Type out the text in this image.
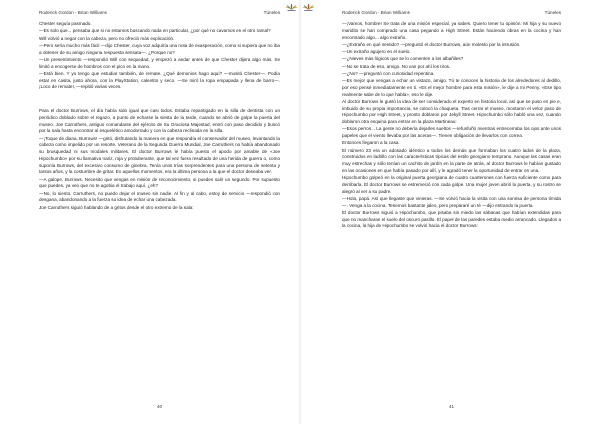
Roderick Gordon - Brian Williams	Túneles

Chester seguía pasmado.

—Es solo que... pensaba que si no estamos buscando nada en particular, ¿por qué no cavamos en el otro ramal?

Will volvió a negar con la cabeza, pero no ofreció más explicación.

—Pero sería mucho más fácil —dijo Chester, cuya voz adquiría una nota de exasperación, como si supiera que no iba a obtener de su amigo ninguna respuesta sensata—. ¿Porque no?

—Un presentimiento —respondió Will con sequedad, y empezó a andar antes de que Chester dijera algo más. Se limitó a encogerse de hombros con el pico en la mano.

—Está bien. Y yo tengo que estudiar también, de remate. ¿Qué demonios hago aquí? —musitó Chester—. Podía estar en casita, justo ahora, con la PlayStation, calentito y seco. —Se miró la ropa empapada y llena de barro—. ¡Loco de remate!, —repitió varias veces.

Para el doctor Burrows, el día había sido igual que casi todos. Estaba repantigado en la silla de dentista con un periódico doblado sobre el regazo, a punto de echarse la siesta de la tarde, cuando se abrió de golpe la puerta del museo. Joe Carruthers, antiguo comandante del ejército de Su Graciosa Majestad, entró con paso decidido y buscó por la sala hasta encontrar al esquelético amodorrado y con la cabeza reclinada en la silla.

—¡Toque de diana, Burrows! —gritó, disfrutando la manera en que respondía el conservador del museo, levantando la cabeza como impelido por un resorte. Veterano de la Segunda Guerra Mundial, Joe Carruthers no había abandonado su brusquedad ni sus modales militares. El doctor Burrows le había puesto el apodo por amable de «Joe Hipochumbo» por su llamativa nariz, roja y protuberante, que tal vez fuera resultado de una herida de guerra o, como suponía Burrows, del excesivo consumo de ginebra. Tenía unos trías sorprendentes para una persona de setenta y tantos años, y la costumbre de gritar. En aquellos momentos, era la última persona a la que el doctor deseaba ver.

—A galope, Burrows. Necesito que vengas en misión de reconocimiento, si puedes salir un segundo. Por supuesto que puedes, ya veo que no te agobia el trabajo aquí, ¿eh?

—No, lo siento, Carruthers, no puedo dejar el museo sin nadie. Al fin y al cabo, estoy de servicio —respondió con desgana, abandonando a la fuerza su idea de echar una cabezada.

Joe Carruthers siguió hablando de a gritos desde el otro extremo de la sala:

40
Roderick Gordon - Brian Williams	Túneles

—¡Vamos, hombre! Se trata de una misión especial, ya sabes. Quiero tener tu opinión. Mi hija y su nuevo maridito se han comprado una casa pegando a High Street. Están haciendo obras en la cocina y han encontrado algo... algo extraño.

—¿Extraño en qué sentido? —preguntó el doctor Burrows, aún molesto por la intrusión.

—Un extraño agujero en el suelo.

—¿Nieves más lógicos que se lo comenten a los albañiles?

—No se trata de eso, amigo. No van por ahí los tiros.

—¿No? —preguntó con curiosidad repentina.

—Es mejor que vengas a echar un vistazo, amigo. Tú te conoces la historia de los alrededores al dedillo, por eso pensé inmediatamente en ti. «Es el mejor hombre para esta misión», le dije a mi Penny. «Ese tipo realmente sabe de lo que habla», eso le dije.

Al doctor Burrows le gustó la idea de ser considerado el experto en historia local, así que se puso en pie e, imbuido de su propia importancia, se colocó la chaqueta. Tras cerrar el museo, montaron el veloz paso de Hipochumbo por High Street, y pronto doblaron por Jekyll Street. Hipochumbo sólo habló una vez, cuando doblaron otra esquina para entrar en la plaza Martineau:

—Esos perros... La gente no debería dejarles sueltos —refunfuñó mientras entrecerraba los ojos ante unos papeles que el viento llevaba por las aceras—. Tienen obligación de llevarlos con correa.

Entonces llegaron a la casa.

El número 23 era un adosado idéntico a todos los demás que formaban los cuatro lados de la plaza, construidos en ladrillo con las características típicas del estilo georgiano temprano. Aunque las casas eran muy estrechas y sólo tenían un cachito de jardín en la parte de atrás, al doctor Burrows le habían gustado en las ocasiones en que había pasado por allí, y le agradó tener la oportunidad de entrar en una.

Hipochumbo golpeó en la original puerta georgiana de cuatro cuarterones con fuerza suficiente como para derribarla. El doctor Burrows se estremeció con cada golpe. Una mujer joven abrió la puerta, y su rostro se alegró al ver a su padre.

—Hola, papá. Así que llegaste que vinieras. —Se volvió hacia la visita con una sonrisa de persona tímida—. Venga a la cocina. Tenemos bastante jaleo, pero prepararé un té —dijo entrando la puerta.

El doctor Burrows siguió a Hipochumbo, que pisaba sin miedo las sábanas que habían extendidas para que no mancharan el suelo del oscuro pasillo. El papel de las paredes estaba medio arrancado. Llegados a la cocina, la hija de Hipochumbo se volvió hacia el doctor Burrows:

41
